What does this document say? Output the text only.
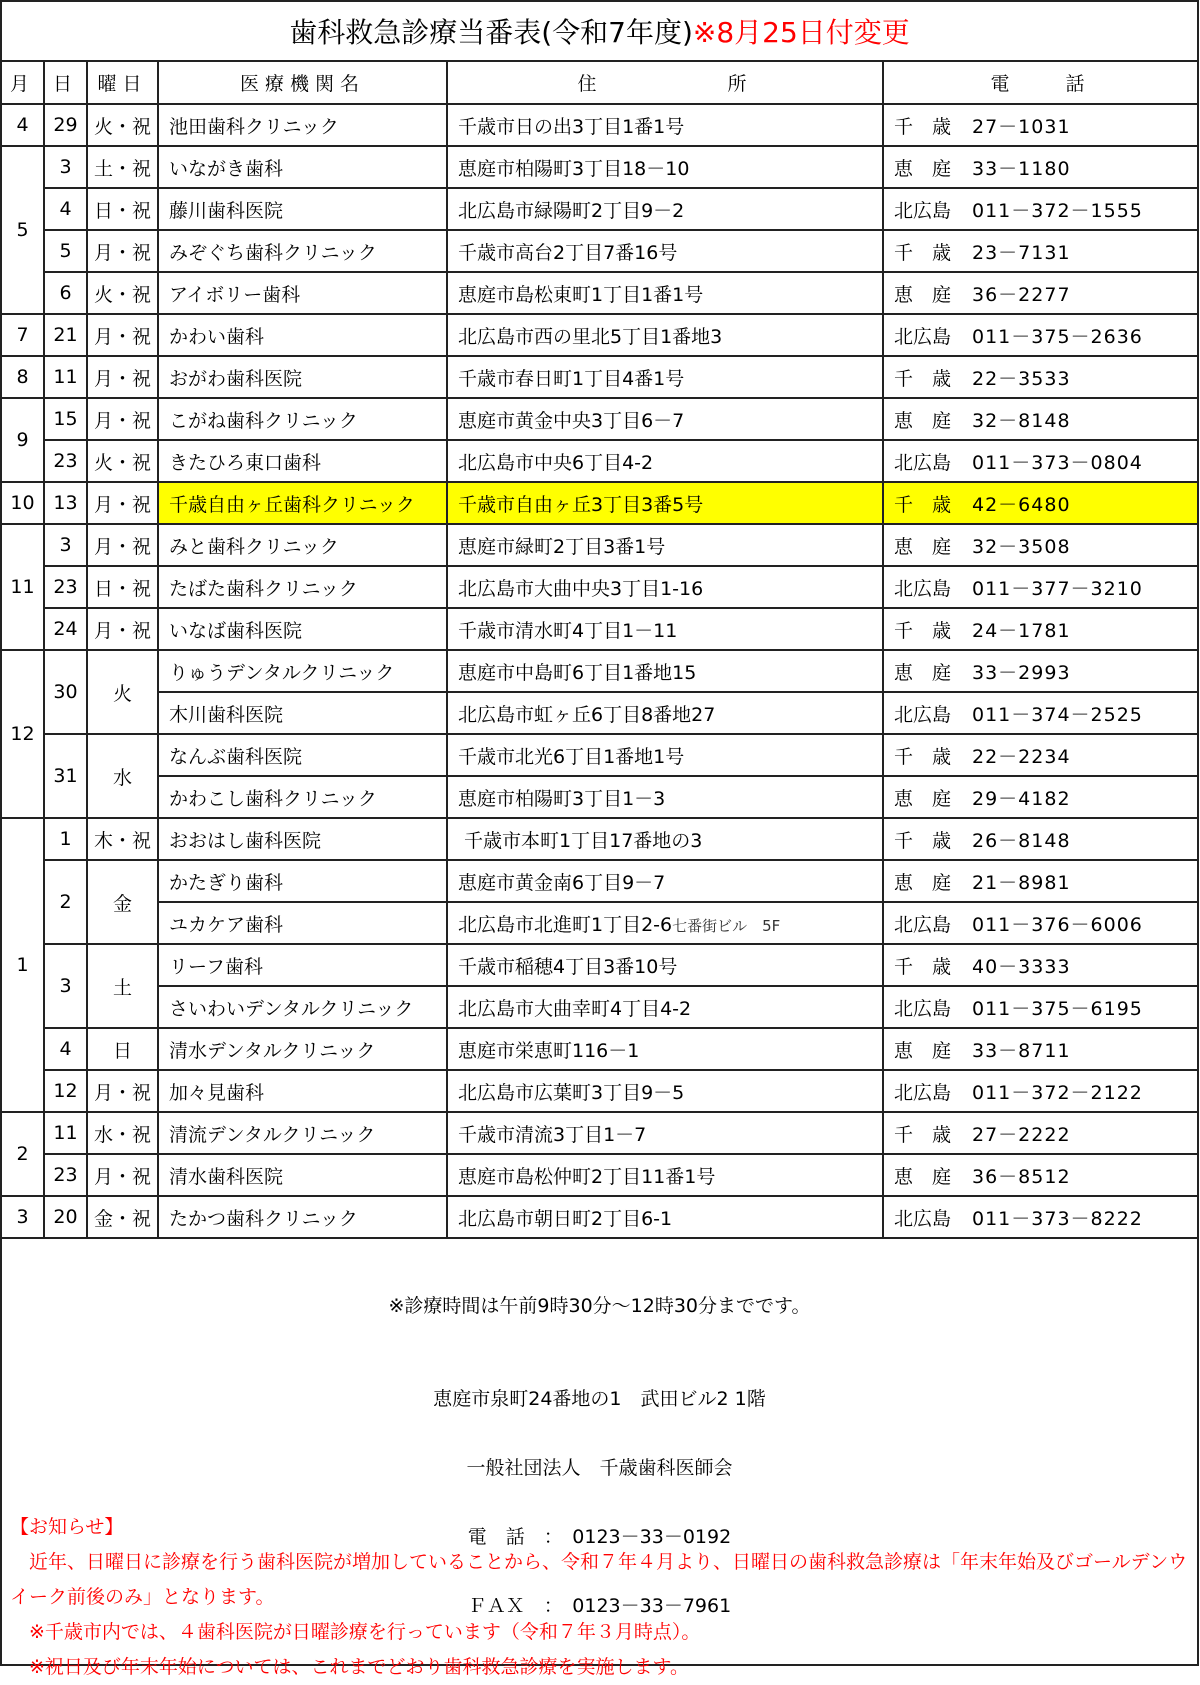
歯科救急診療当番表(令和7年度)※8月25日付変更					
月	日	曜日	医療機関名	住　　　　　所	電　　話
4	29	火・祝	池田歯科クリニック	千歳市日の出3丁目1番1号	千　歳 27－1031
5	3	土・祝	いながき歯科	恵庭市柏陽町3丁目18－10	恵　庭 33－1180
	4	日・祝	藤川歯科医院	北広島市緑陽町2丁目9－2	北広島 011－372－1555
	5	月・祝	みぞぐち歯科クリニック	千歳市高台2丁目7番16号	千　歳 23－7131
	6	火・祝	アイボリー歯科	恵庭市島松東町1丁目1番1号	恵　庭 36－2277
7	21	月・祝	かわい歯科	北広島市西の里北5丁目1番地3	北広島 011－375－2636
8	11	月・祝	おがわ歯科医院	千歳市春日町1丁目4番1号	千　歳 22－3533
9	15	月・祝	こがね歯科クリニック	恵庭市黄金中央3丁目6－7	恵　庭 32－8148
	23	火・祝	きたひろ東口歯科	北広島市中央6丁目4-2	北広島 011－373－0804
10	13	月・祝	千歳自由ヶ丘歯科クリニック	千歳市自由ヶ丘3丁目3番5号	千　歳 42－6480
11	3	月・祝	みと歯科クリニック	恵庭市緑町2丁目3番1号	恵　庭 32－3508
	23	日・祝	たばた歯科クリニック	北広島市大曲中央3丁目1-16	北広島 011－377－3210
	24	月・祝	いなば歯科医院	千歳市清水町4丁目1－11	千　歳 24－1781
12	30	火	りゅうデンタルクリニック	恵庭市中島町6丁目1番地15	恵　庭 33－2993
			木川歯科医院	北広島市虹ヶ丘6丁目8番地27	北広島 011－374－2525
	31	水	なんぶ歯科医院	千歳市北光6丁目1番地1号	千　歳 22－2234
			かわこし歯科クリニック	恵庭市柏陽町3丁目1－3	恵　庭 29－4182
1	1	木・祝	おおはし歯科医院	千歳市本町1丁目17番地の3	千　歳 26－8148
	2	金	かたぎり歯科	恵庭市黄金南6丁目9－7	恵　庭 21－8981
			ユカケア歯科	北広島市北進町1丁目2-6七番街ビル　5F	北広島 011－376－6006
	3	土	リーフ歯科	千歳市稲穂4丁目3番10号	千　歳 40－3333
			さいわいデンタルクリニック	北広島市大曲幸町4丁目4-2	北広島 011－375－6195
	4	日	清水デンタルクリニック	恵庭市栄恵町116－1	恵　庭 33－8711
	12	月・祝	加々見歯科	北広島市広葉町3丁目9－5	北広島 011－372－2122
2	11	水・祝	清流デンタルクリニック	千歳市清流3丁目1－7	千　歳 27－2222
	23	月・祝	清水歯科医院	恵庭市島松仲町2丁目11番1号	恵　庭 36－8512
3	20	金・祝	たかつ歯科クリニック	北広島市朝日町2丁目6-1	北広島 011－373－8222

※診療時間は午前9時30分～12時30分までです。

恵庭市泉町24番地の1　武田ビル2 1階

一般社団法人　千歳歯科医師会

電　話　：　0123－33－0192

ＦＡＸ　：　0123－33－7961					

【お知らせ】
　近年、日曜日に診療を行う歯科医院が増加していることから、令和７年４月より、日曜日の歯科救急診療は「年末年始及びゴールデンウイーク前後のみ」となります。
　※千歳市内では、４歯科医院が日曜診療を行っています（令和７年３月時点）。
　※祝日及び年末年始については、これまでどおり歯科救急診療を実施します。
